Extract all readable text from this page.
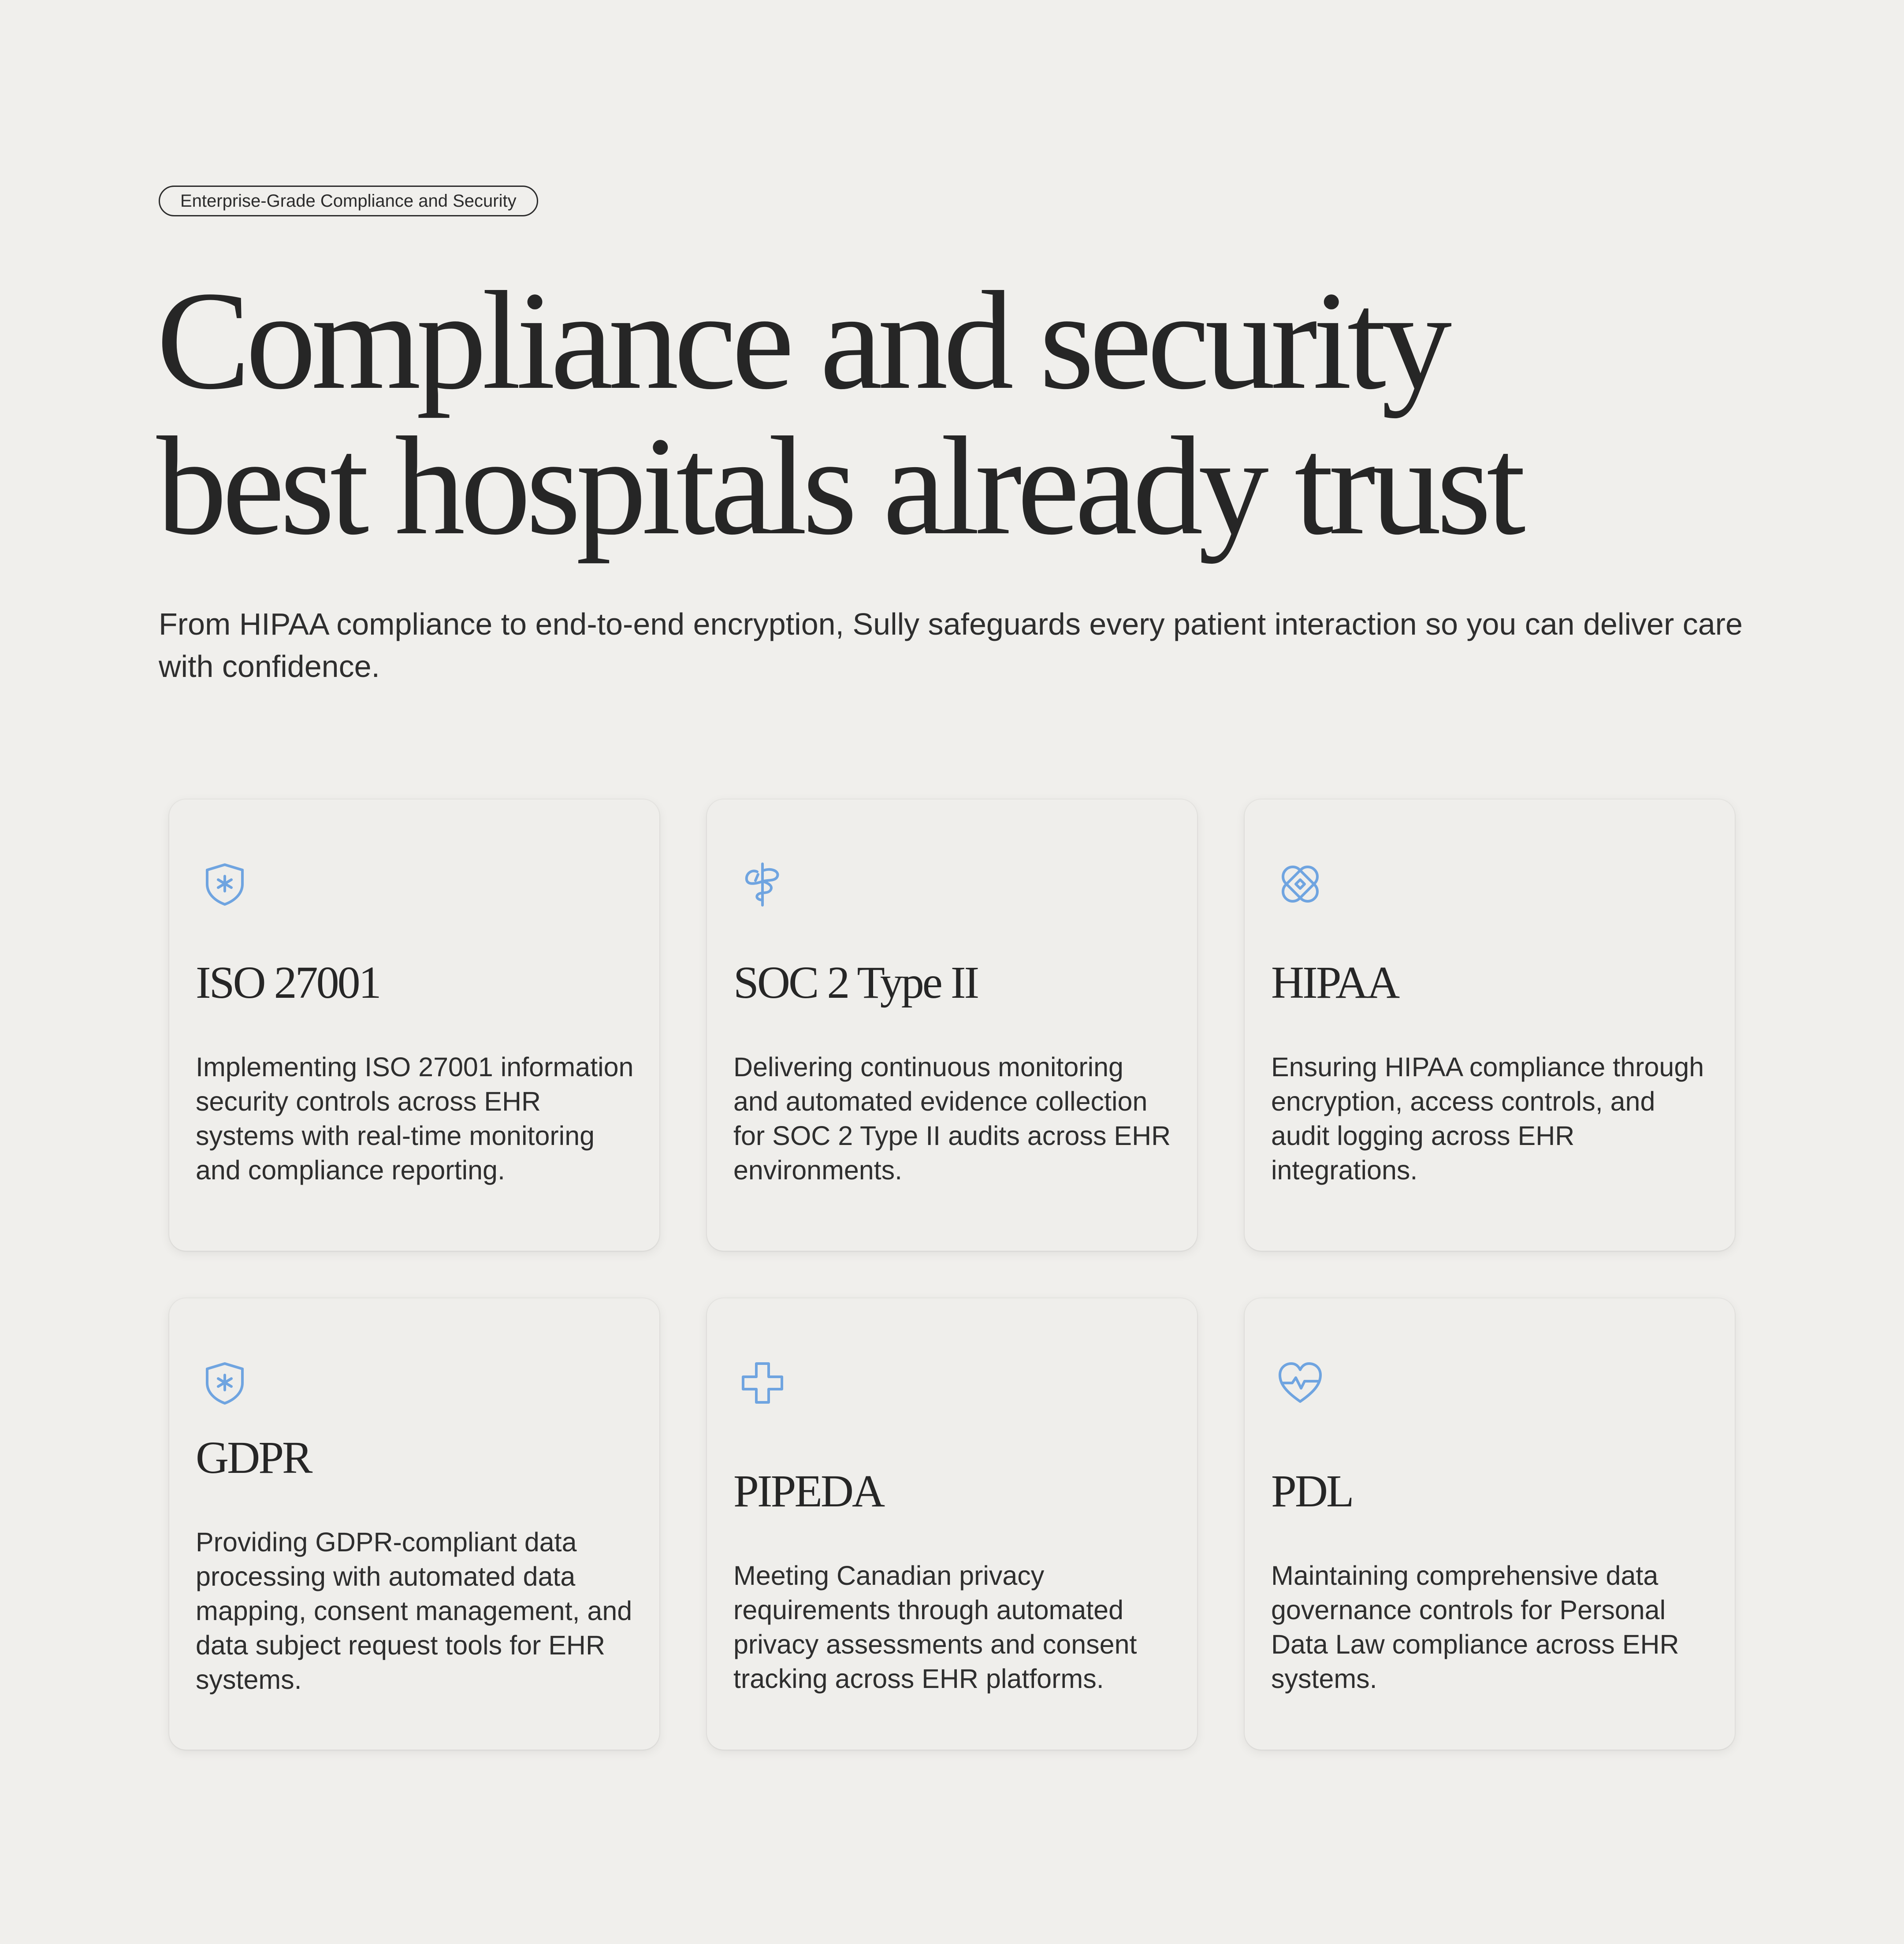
Enterprise-Grade Compliance and Security
Compliance and security
best hospitals already trust

From HIPAA compliance to end-to-end encryption, Sully safeguards every patient interaction so you can deliver care with confidence.

ISO 27001

Implementing ISO 27001 information security controls across EHR systems with real-time monitoring and compliance reporting.

SOC 2 Type II

Delivering continuous monitoring and automated evidence collection for SOC 2 Type II audits across EHR environments.

HIPAA

Ensuring HIPAA compliance through encryption, access controls, and audit logging across EHR integrations.

GDPR

Providing GDPR-compliant data processing with automated data mapping, consent management, and data subject request tools for EHR systems.

PIPEDA

Meeting Canadian privacy requirements through automated privacy assessments and consent tracking across EHR platforms.

PDL

Maintaining comprehensive data governance controls for Personal Data Law compliance across EHR systems.
